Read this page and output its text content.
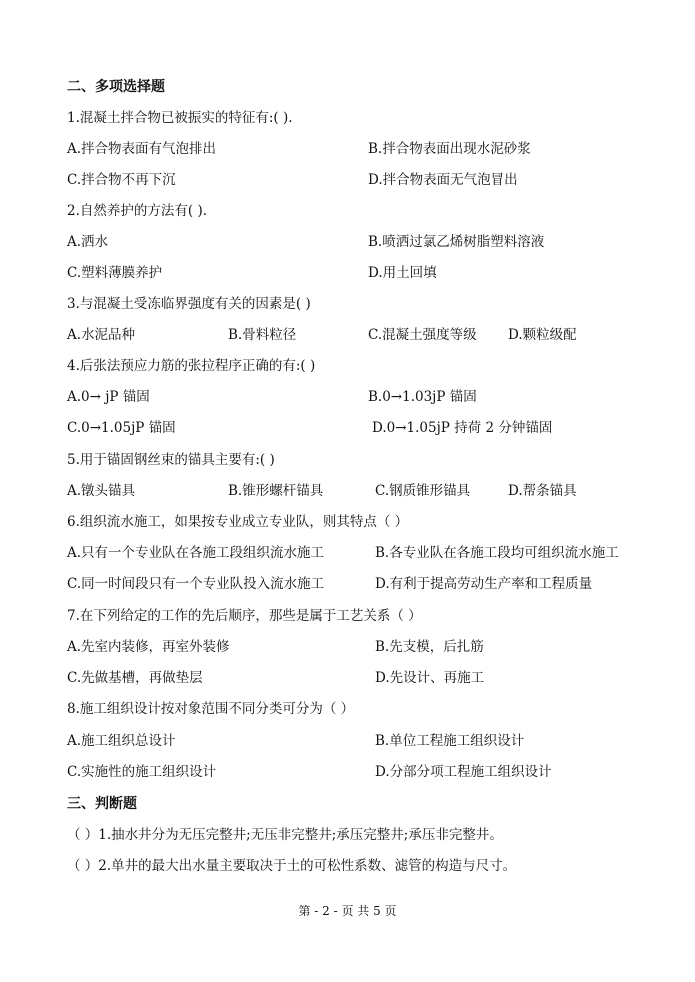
二、多项选择题
1.混凝土拌合物已被振实的特征有:( ).
A.拌合物表面有气泡排出	B.拌合物表面出现水泥砂浆
C.拌合物不再下沉	D.拌合物表面无气泡冒出
2.自然养护的方法有( ).
A.洒水	B.喷洒过氯乙烯树脂塑料溶液
C.塑料薄膜养护	D.用土回填
3.与混凝土受冻临界强度有关的因素是( )
A.水泥品种	B.骨料粒径	C.混凝土强度等级 D.颗粒级配
4.后张法预应力筋的张拉程序正确的有:( )
A.0→ jP 锚固	B.0→1.03jP 锚固
C.0→1.05jP 锚固	D.0→1.05jP 持荷 2 分钟锚固
5.用于锚固钢丝束的锚具主要有:( )
A.镦头锚具	B.锥形螺杆锚具	C.钢质锥形锚具	D.帮条锚具
6.组织流水施工，如果按专业成立专业队，则其特点（ ）
A.只有一个专业队在各施工段组织流水施工	B.各专业队在各施工段均可组织流水施工
C.同一时间段只有一个专业队投入流水施工	D.有利于提高劳动生产率和工程质量
7.在下列给定的工作的先后顺序，那些是属于工艺关系（ ）
A.先室内装修，再室外装修	B.先支模，后扎筋
C.先做基槽，再做垫层	D.先设计、再施工
8.施工组织设计按对象范围不同分类可分为（ ）
A.施工组织总设计	B.单位工程施工组织设计
C.实施性的施工组织设计	D.分部分项工程施工组织设计
三、判断题
（ ）1.抽水井分为无压完整井;无压非完整井;承压完整井;承压非完整井。
（ ）2.单井的最大出水量主要取决于土的可松性系数、滤管的构造与尺寸。
第 - 2 - 页 共 5 页
